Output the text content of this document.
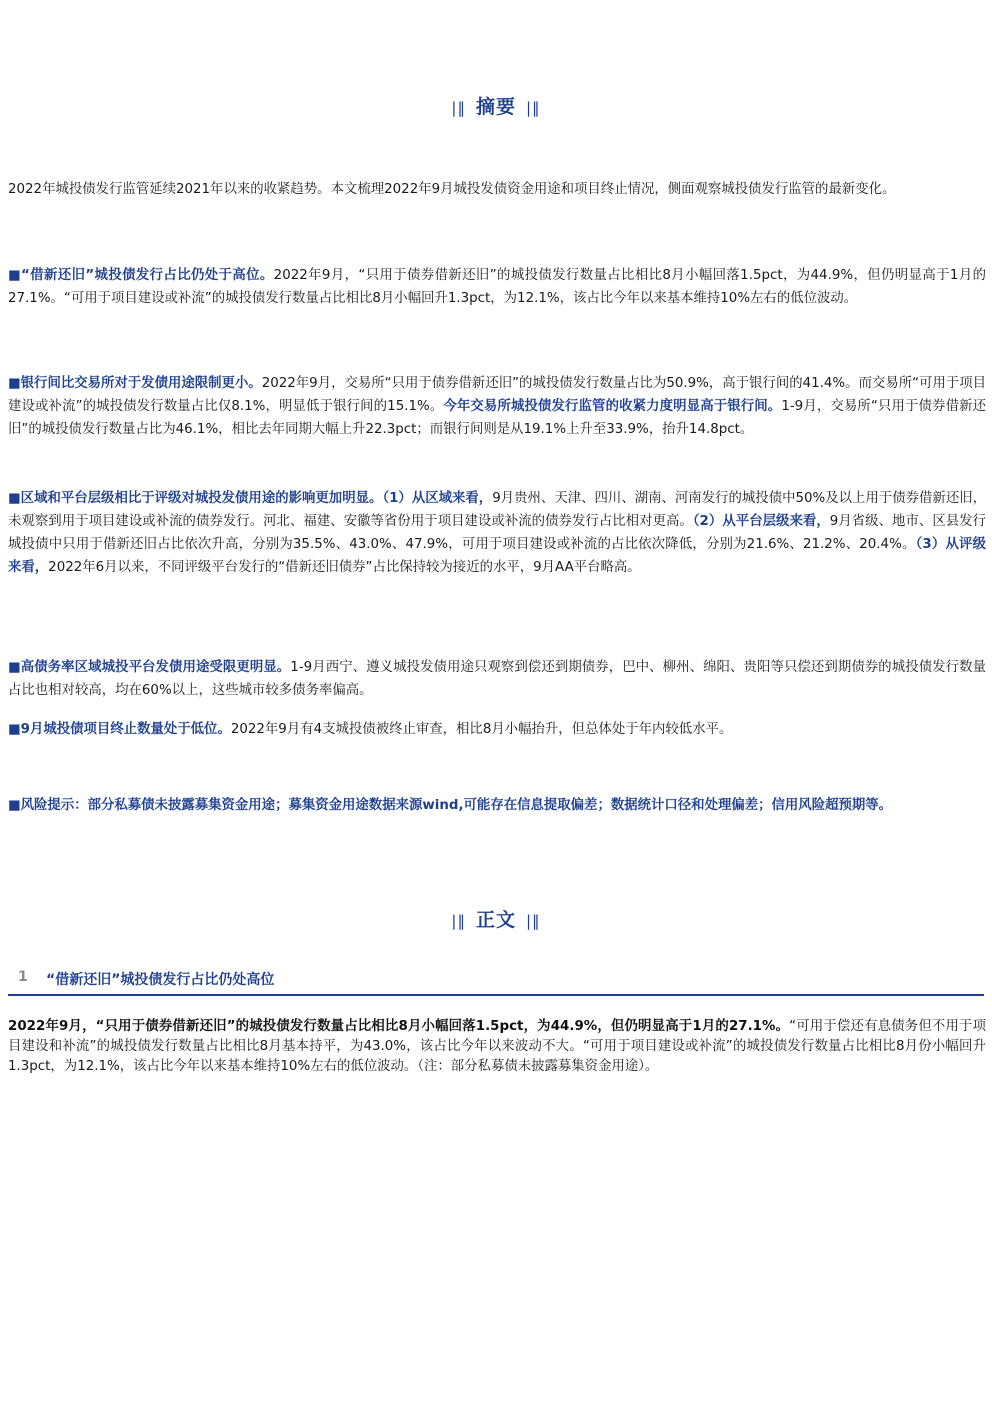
|‖ 摘要 |‖
2022年城投债发行监管延续2021年以来的收紧趋势。本文梳理2022年9月城投发债资金用途和项目终止情况，侧面观察城投债发行监管的最新变化。
■“借新还旧”城投债发行占比仍处于高位。2022年9月，“只用于债券借新还旧”的城投债发行数量占比相比8月小幅回落1.5pct，为44.9%，但仍明显高于1月的27.1%。“可用于项目建设或补流”的城投债发行数量占比相比8月小幅回升1.3pct，为12.1%，该占比今年以来基本维持10%左右的低位波动。
■银行间比交易所对于发债用途限制更小。2022年9月，交易所“只用于债券借新还旧”的城投债发行数量占比为50.9%，高于银行间的41.4%。而交易所“可用于项目建设或补流”的城投债发行数量占比仅8.1%，明显低于银行间的15.1%。今年交易所城投债发行监管的收紧力度明显高于银行间。1-9月，交易所“只用于债券借新还旧”的城投债发行数量占比为46.1%，相比去年同期大幅上升22.3pct；而银行间则是从19.1%上升至33.9%，抬升14.8pct。
■区域和平台层级相比于评级对城投发债用途的影响更加明显。（1）从区域来看，9月贵州、天津、四川、湖南、河南发行的城投债中50%及以上用于债券借新还旧，未观察到用于项目建设或补流的债券发行。河北、福建、安徽等省份用于项目建设或补流的债券发行占比相对更高。（2）从平台层级来看，9月省级、地市、区县发行城投债中只用于借新还旧占比依次升高，分别为35.5%、43.0%、47.9%，可用于项目建设或补流的占比依次降低，分别为21.6%、21.2%、20.4%。（3）从评级来看，2022年6月以来，不同评级平台发行的“借新还旧债券”占比保持较为接近的水平，9月AA平台略高。
■高债务率区域城投平台发债用途受限更明显。1-9月西宁、遵义城投发债用途只观察到偿还到期债券，巴中、柳州、绵阳、贵阳等只偿还到期债券的城投债发行数量占比也相对较高，均在60%以上，这些城市较多债务率偏高。
■9月城投债项目终止数量处于低位。2022年9月有4支城投债被终止审查，相比8月小幅抬升，但总体处于年内较低水平。
■风险提示：部分私募债未披露募集资金用途；募集资金用途数据来源wind,可能存在信息提取偏差；数据统计口径和处理偏差；信用风险超预期等。
|‖ 正文 |‖
1 “借新还旧”城投债发行占比仍处高位
2022年9月，“只用于债券借新还旧”的城投债发行数量占比相比8月小幅回落1.5pct，为44.9%，但仍明显高于1月的27.1%。“可用于偿还有息债务但不用于项目建设和补流”的城投债发行数量占比相比8月基本持平，为43.0%，该占比今年以来波动不大。“可用于项目建设或补流”的城投债发行数量占比相比8月份小幅回升1.3pct，为12.1%，该占比今年以来基本维持10%左右的低位波动。（注：部分私募债未披露募集资金用途）。
